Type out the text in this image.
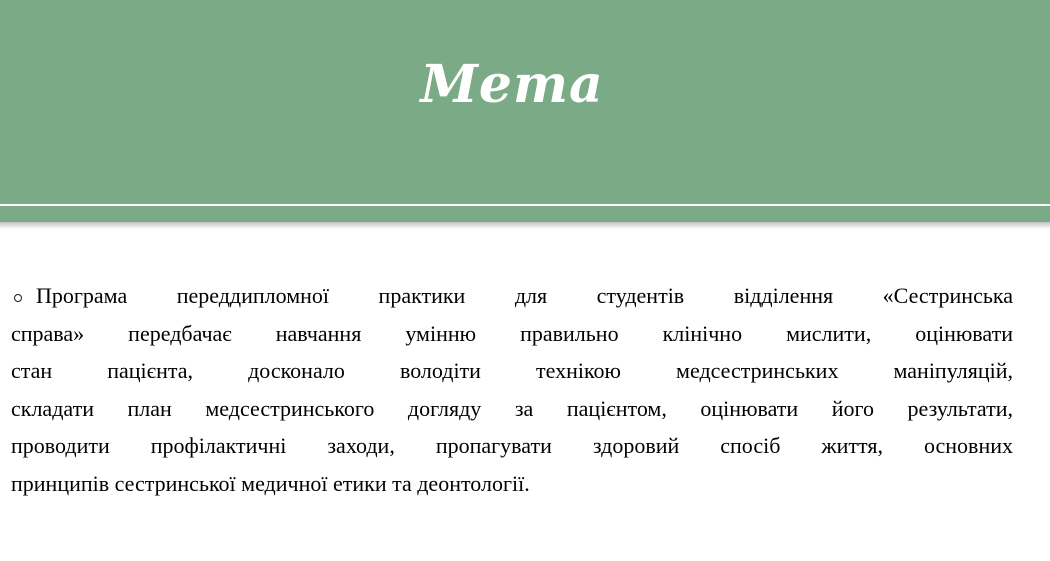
Мета
Програма переддипломної практики для студентів відділення «Сестринська
справа» передбачає навчання умінню правильно клінічно мислити, оцінювати
стан пацієнта, досконало володіти технікою медсестринських маніпуляцій,
складати план медсестринського догляду за пацієнтом, оцінювати його результати,
проводити профілактичні заходи, пропагувати здоровий спосіб життя, основних
принципів сестринської медичної етики та деонтології.
